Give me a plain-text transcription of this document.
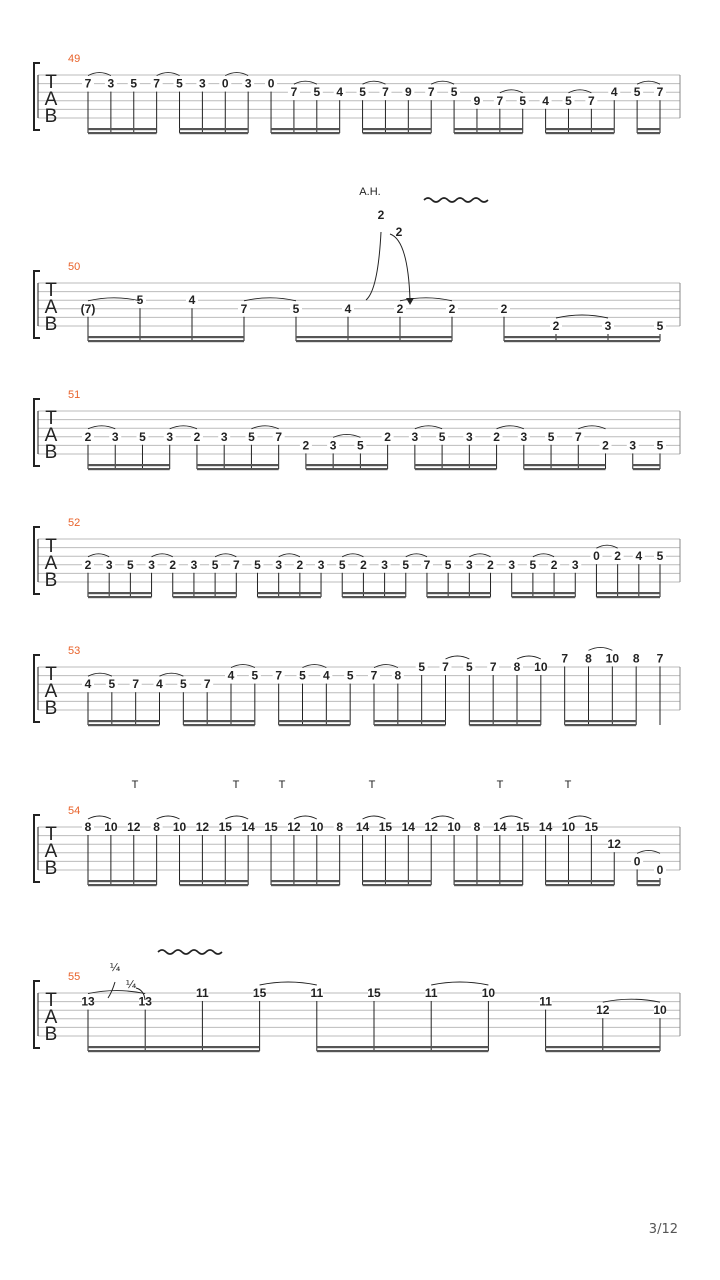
T
A
B
49
7 3 5 7 5 3 0 3 0
7 5 4 5 7 9 7 5
9 7 5 4 5 7
4 5 7
T
A
B
50
(7)
5	4
7	5	4	2	2	2
2	3	5
T
A
B
51
2 3 5 3 2 3 5 7
2 3 5
2 3 5 3 2 3 5 7
2 3 5
T
A
B
52
2 3 5 3 2 3 5 7 5 3 2 3 5 2 3 5 7 5 3 2 3 5 2 3
0 2 4 5
T
A
B
53
4 5 7 4 5 7
4 5 7 5 4 5 7 8
5 7 5 7 8 10
7 8 10 8 7
T
A
B
54
8 10 12 8 10 12 15 14 15 12 10 8 14 15 14 12 10 8 14 15 14 10 15
12
0
0
T
A
B
55
13	13
11	15	11	15	11	10
11
12	10
A.H.
2
2
T	T	T	T	T	T
¼
¼
3/12
